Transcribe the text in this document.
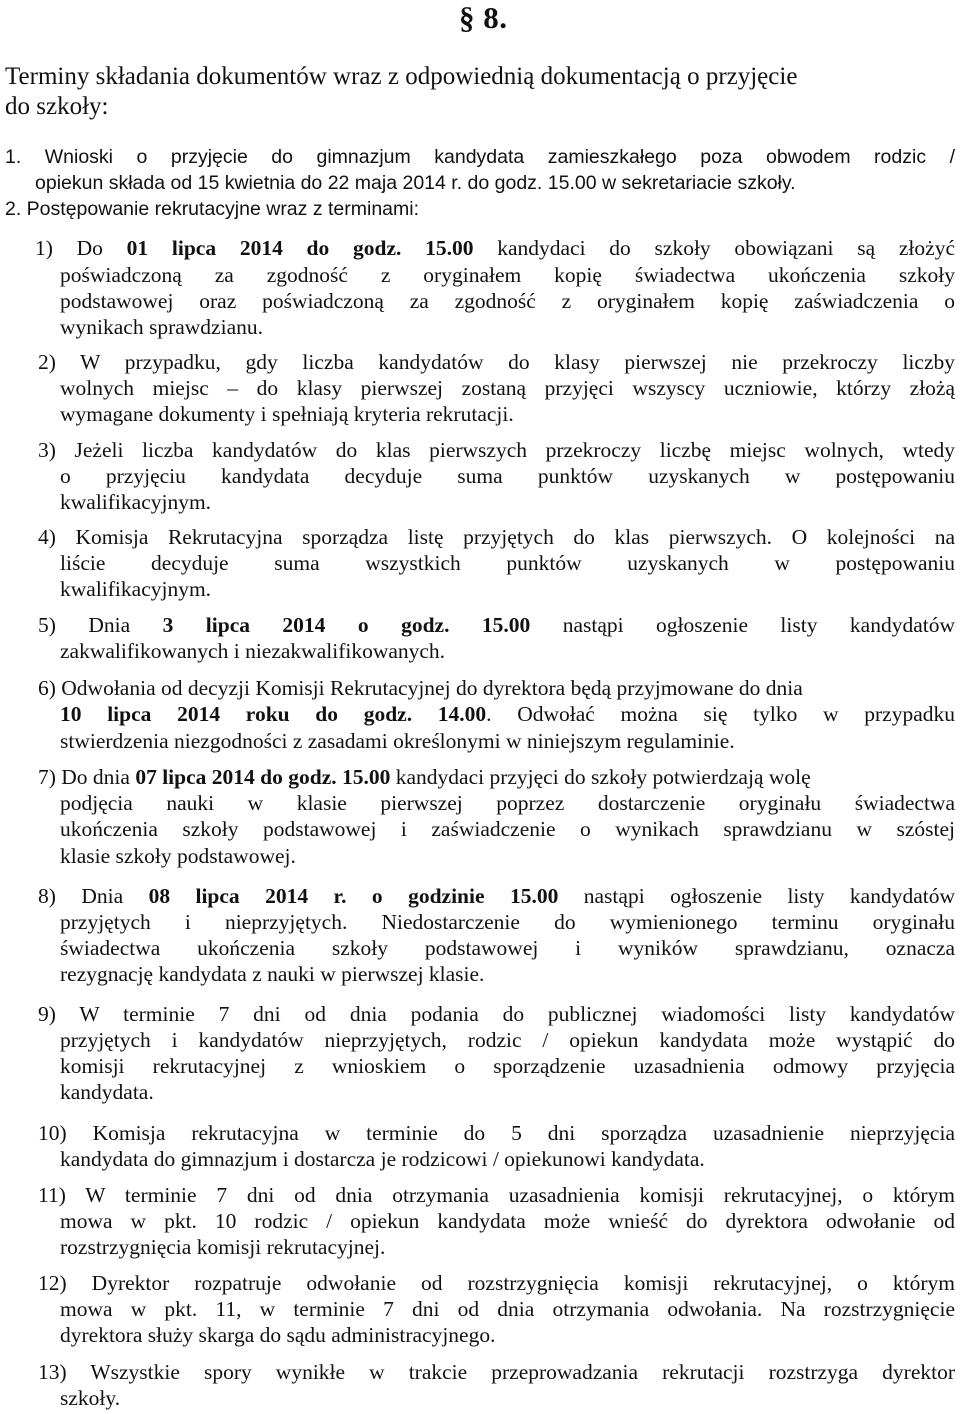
§ 8.
Terminy składania dokumentów wraz z odpowiednią dokumentacją o przyjęcie
do szkoły:
1. Wnioski o przyjęcie do gimnazjum kandydata zamieszkałego poza obwodem rodzic /
opiekun składa od 15 kwietnia do 22 maja 2014 r. do godz. 15.00 w sekretariacie szkoły.
2. Postępowanie rekrutacyjne wraz z terminami:
1) Do 01 lipca 2014 do godz. 15.00 kandydaci do szkoły obowiązani są złożyć
poświadczoną za zgodność z oryginałem kopię świadectwa ukończenia szkoły
podstawowej oraz poświadczoną za zgodność z oryginałem kopię zaświadczenia o
wynikach sprawdzianu.
2) W przypadku, gdy liczba kandydatów do klasy pierwszej nie przekroczy liczby
wolnych miejsc – do klasy pierwszej zostaną przyjęci wszyscy uczniowie, którzy złożą
wymagane dokumenty i spełniają kryteria rekrutacji.
3) Jeżeli liczba kandydatów do klas pierwszych przekroczy liczbę miejsc wolnych, wtedy
o przyjęciu kandydata decyduje suma punktów uzyskanych w postępowaniu
kwalifikacyjnym.
4) Komisja Rekrutacyjna sporządza listę przyjętych do klas pierwszych. O kolejności na
liście decyduje suma wszystkich punktów uzyskanych w postępowaniu
kwalifikacyjnym.
5) Dnia 3 lipca 2014 o godz. 15.00 nastąpi ogłoszenie listy kandydatów
zakwalifikowanych i niezakwalifikowanych.
6) Odwołania od decyzji Komisji Rekrutacyjnej do dyrektora będą przyjmowane do dnia
10 lipca 2014 roku do godz. 14.00. Odwołać można się tylko w przypadku
stwierdzenia niezgodności z zasadami określonymi w niniejszym regulaminie.
7) Do dnia 07 lipca 2014 do godz. 15.00 kandydaci przyjęci do szkoły potwierdzają wolę
podjęcia nauki w klasie pierwszej poprzez dostarczenie oryginału świadectwa
ukończenia szkoły podstawowej i zaświadczenie o wynikach sprawdzianu w szóstej
klasie szkoły podstawowej.
8) Dnia 08 lipca 2014 r. o godzinie 15.00 nastąpi ogłoszenie listy kandydatów
przyjętych i nieprzyjętych. Niedostarczenie do wymienionego terminu oryginału
świadectwa ukończenia szkoły podstawowej i wyników sprawdzianu, oznacza
rezygnację kandydata z nauki w pierwszej klasie.
9) W terminie 7 dni od dnia podania do publicznej wiadomości listy kandydatów
przyjętych i kandydatów nieprzyjętych, rodzic / opiekun kandydata może wystąpić do
komisji rekrutacyjnej z wnioskiem o sporządzenie uzasadnienia odmowy przyjęcia
kandydata.
10) Komisja rekrutacyjna w terminie do 5 dni sporządza uzasadnienie nieprzyjęcia
kandydata do gimnazjum i dostarcza je rodzicowi / opiekunowi kandydata.
11) W terminie 7 dni od dnia otrzymania uzasadnienia komisji rekrutacyjnej, o którym
mowa w pkt. 10 rodzic / opiekun kandydata może wnieść do dyrektora odwołanie od
rozstrzygnięcia komisji rekrutacyjnej.
12) Dyrektor rozpatruje odwołanie od rozstrzygnięcia komisji rekrutacyjnej, o którym
mowa w pkt. 11, w terminie 7 dni od dnia otrzymania odwołania. Na rozstrzygnięcie
dyrektora służy skarga do sądu administracyjnego.
13) Wszystkie spory wynikłe w trakcie przeprowadzania rekrutacji rozstrzyga dyrektor
szkoły.
